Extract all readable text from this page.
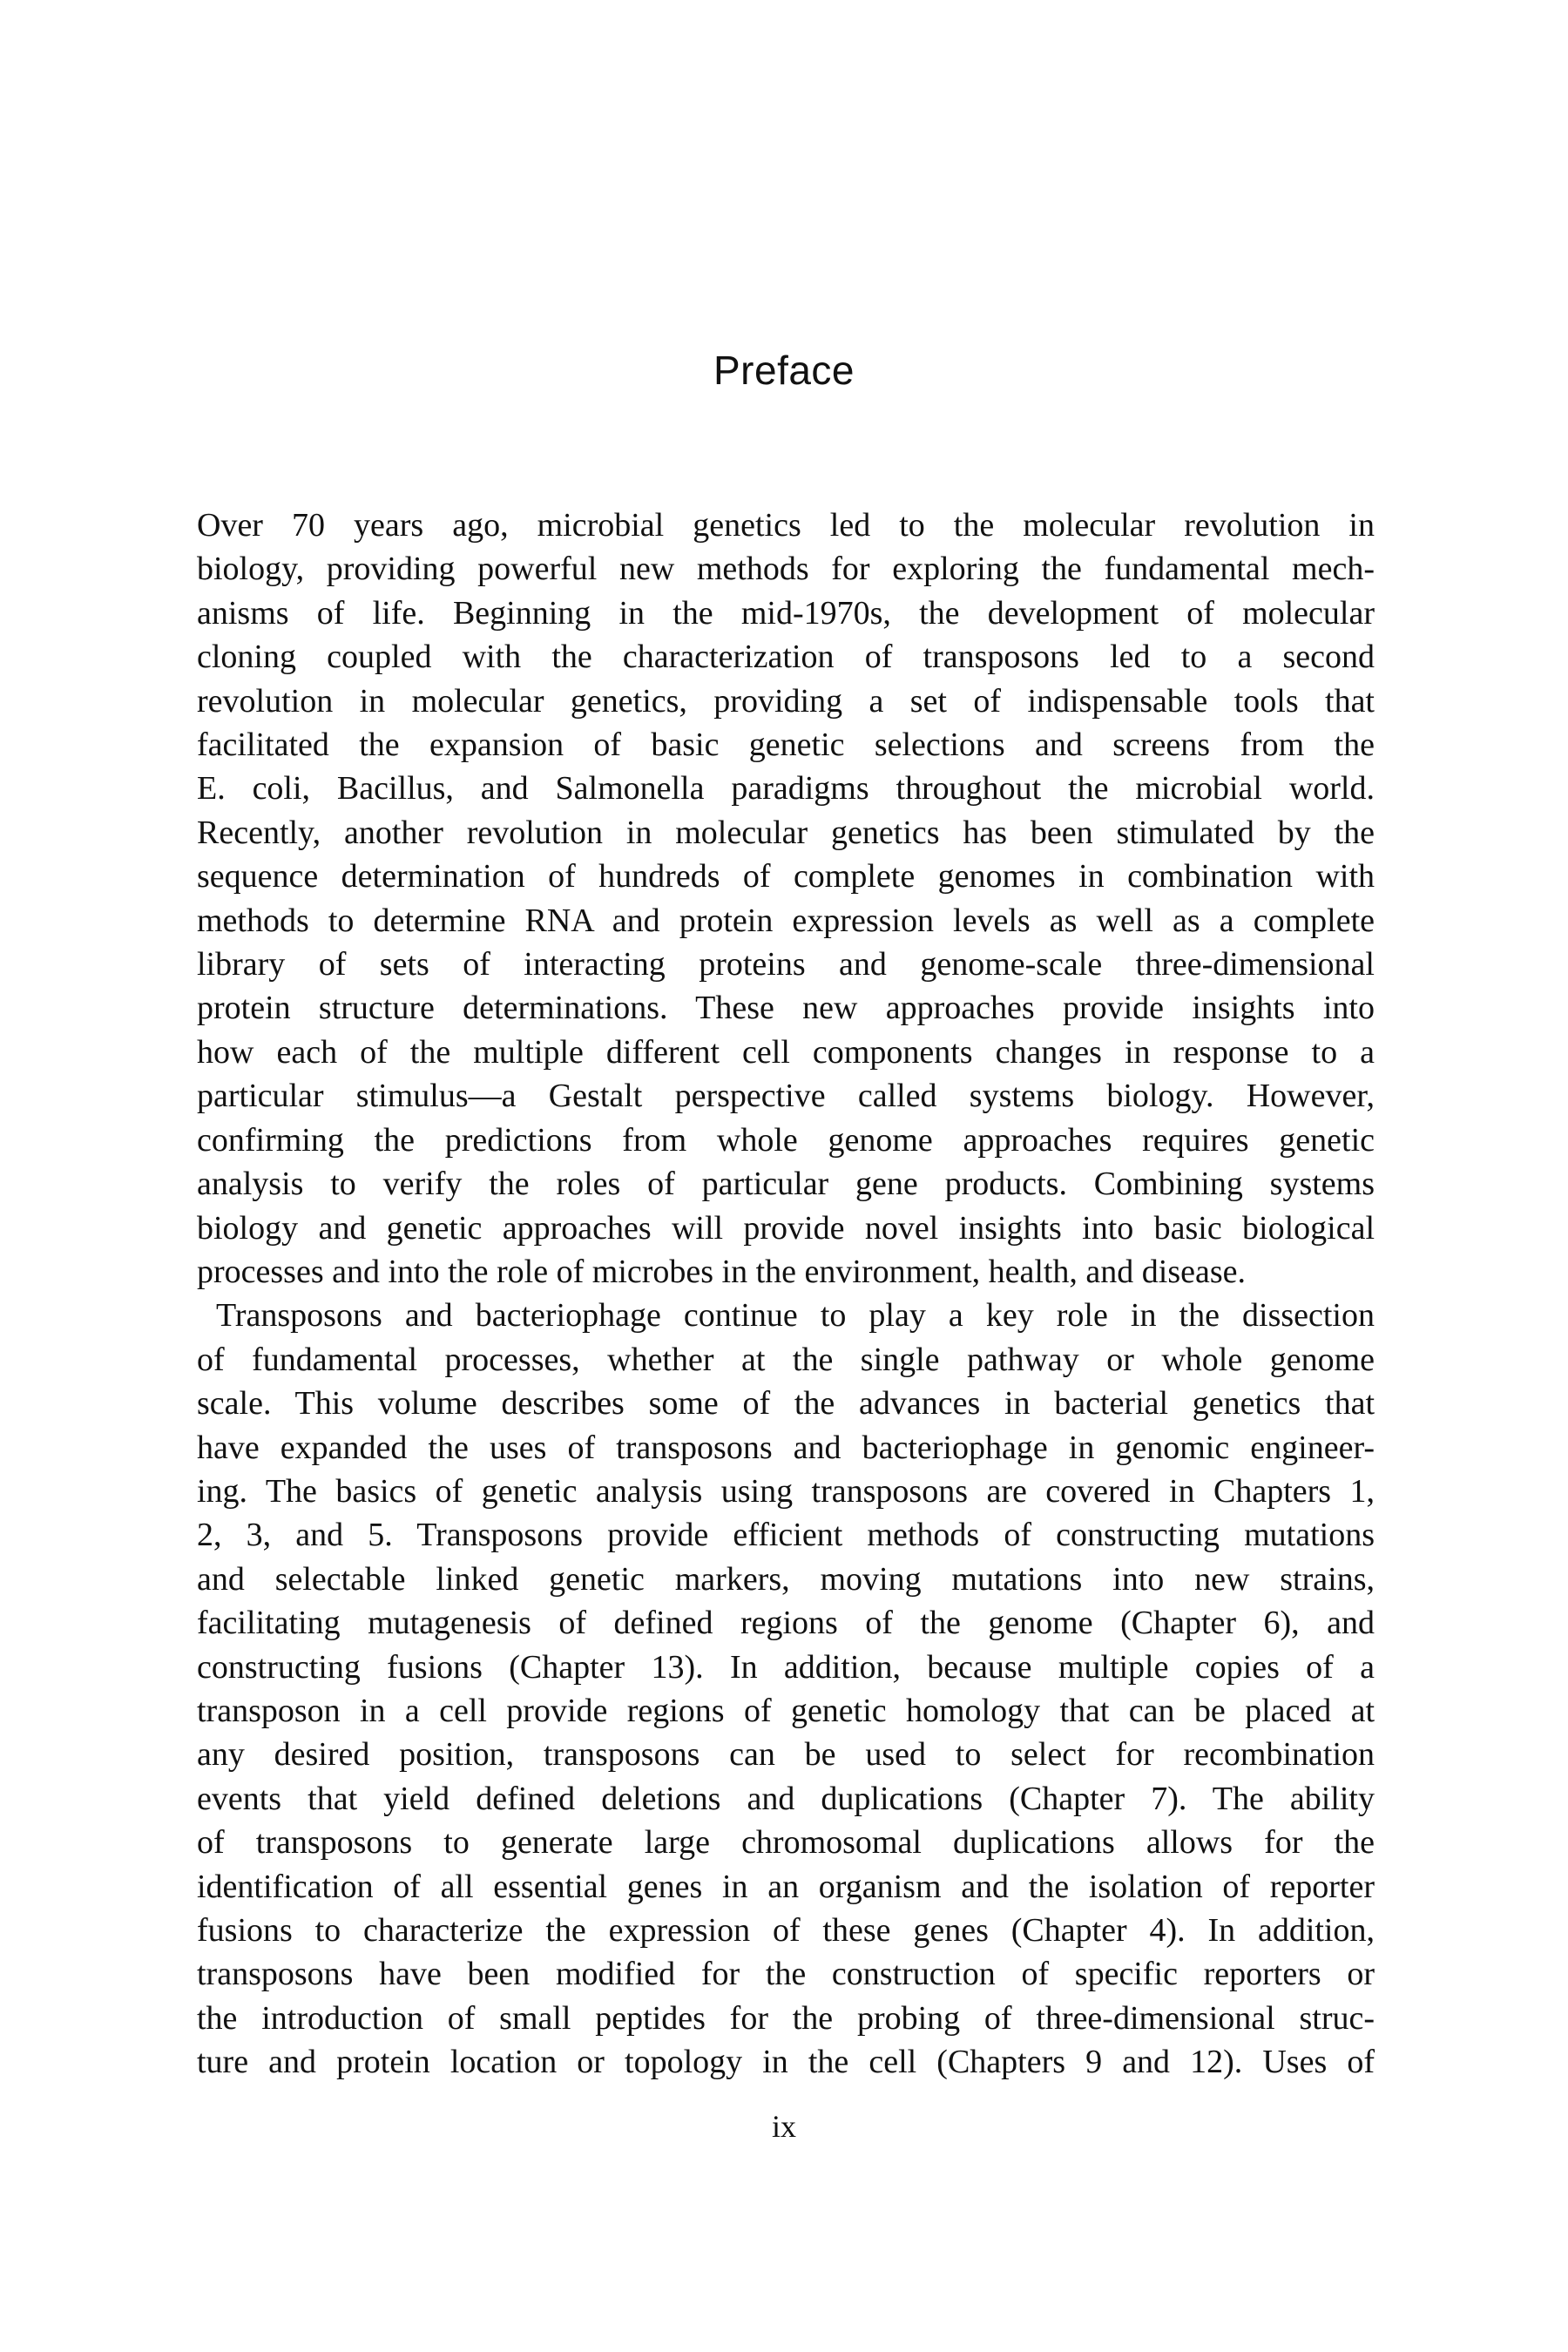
Preface
Over 70 years ago, microbial genetics led to the molecular revolution in
biology, providing powerful new methods for exploring the fundamental mech-
anisms of life. Beginning in the mid-1970s, the development of molecular
cloning coupled with the characterization of transposons led to a second
revolution in molecular genetics, providing a set of indispensable tools that
facilitated the expansion of basic genetic selections and screens from the
E. coli, Bacillus, and Salmonella paradigms throughout the microbial world.
Recently, another revolution in molecular genetics has been stimulated by the
sequence determination of hundreds of complete genomes in combination with
methods to determine RNA and protein expression levels as well as a complete
library of sets of interacting proteins and genome-scale three-dimensional
protein structure determinations. These new approaches provide insights into
how each of the multiple different cell components changes in response to a
particular stimulus—a Gestalt perspective called systems biology. However,
confirming the predictions from whole genome approaches requires genetic
analysis to verify the roles of particular gene products. Combining systems
biology and genetic approaches will provide novel insights into basic biological
processes and into the role of microbes in the environment, health, and disease.
Transposons and bacteriophage continue to play a key role in the dissection
of fundamental processes, whether at the single pathway or whole genome
scale. This volume describes some of the advances in bacterial genetics that
have expanded the uses of transposons and bacteriophage in genomic engineer-
ing. The basics of genetic analysis using transposons are covered in Chapters 1,
2, 3, and 5. Transposons provide efficient methods of constructing mutations
and selectable linked genetic markers, moving mutations into new strains,
facilitating mutagenesis of defined regions of the genome (Chapter 6), and
constructing fusions (Chapter 13). In addition, because multiple copies of a
transposon in a cell provide regions of genetic homology that can be placed at
any desired position, transposons can be used to select for recombination
events that yield defined deletions and duplications (Chapter 7). The ability
of transposons to generate large chromosomal duplications allows for the
identification of all essential genes in an organism and the isolation of reporter
fusions to characterize the expression of these genes (Chapter 4). In addition,
transposons have been modified for the construction of specific reporters or
the introduction of small peptides for the probing of three-dimensional struc-
ture and protein location or topology in the cell (Chapters 9 and 12). Uses of
ix
